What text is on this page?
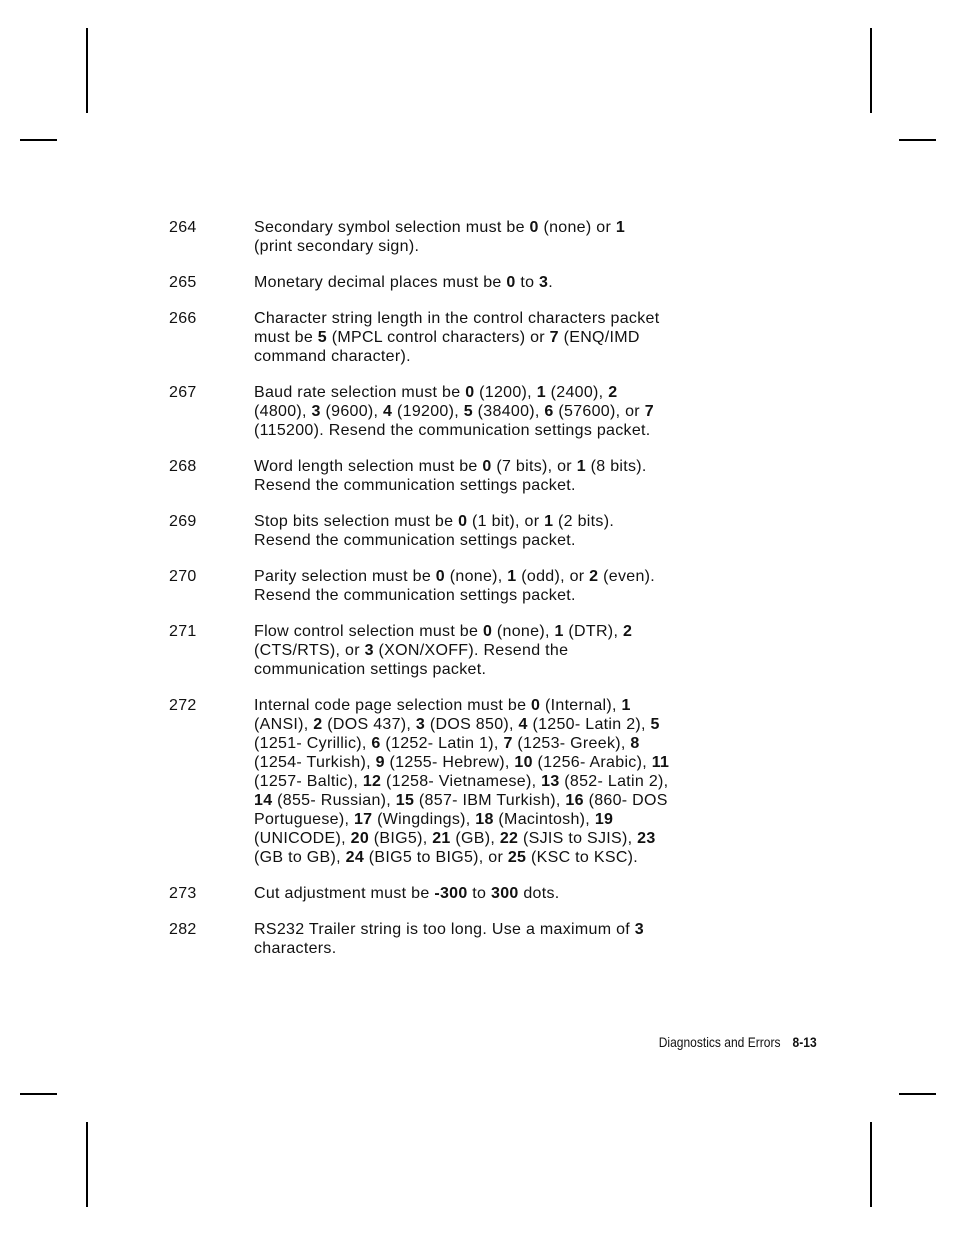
264	Secondary symbol selection must be 0 (none) or 1
(print secondary sign).
265	Monetary decimal places must be 0 to 3.
266	Character string length in the control characters packet
must be 5 (MPCL control characters) or 7 (ENQ/IMD
command character).
267	Baud rate selection must be 0 (1200), 1 (2400), 2
(4800), 3 (9600), 4 (19200), 5 (38400), 6 (57600), or 7
(115200). Resend the communication settings packet.
268	Word length selection must be 0 (7 bits), or 1 (8 bits).
Resend the communication settings packet.
269	Stop bits selection must be 0 (1 bit), or 1 (2 bits).
Resend the communication settings packet.
270	Parity selection must be 0 (none), 1 (odd), or 2 (even).
Resend the communication settings packet.
271	Flow control selection must be 0 (none), 1 (DTR), 2
(CTS/RTS), or 3 (XON/XOFF). Resend the
communication settings packet.
272	Internal code page selection must be 0 (Internal), 1
(ANSI), 2 (DOS 437), 3 (DOS 850), 4 (1250- Latin 2), 5
(1251- Cyrillic), 6 (1252- Latin 1), 7 (1253- Greek), 8
(1254- Turkish), 9 (1255- Hebrew), 10 (1256- Arabic), 11
(1257- Baltic), 12 (1258- Vietnamese), 13 (852- Latin 2),
14 (855- Russian), 15 (857- IBM Turkish), 16 (860- DOS
Portuguese), 17 (Wingdings), 18 (Macintosh), 19
(UNICODE), 20 (BIG5), 21 (GB), 22 (SJIS to SJIS), 23
(GB to GB), 24 (BIG5 to BIG5), or 25 (KSC to KSC).
273	Cut adjustment must be -300 to 300 dots.
282	RS232 Trailer string is too long. Use a maximum of 3
characters.
Diagnostics and Errors 8-13
